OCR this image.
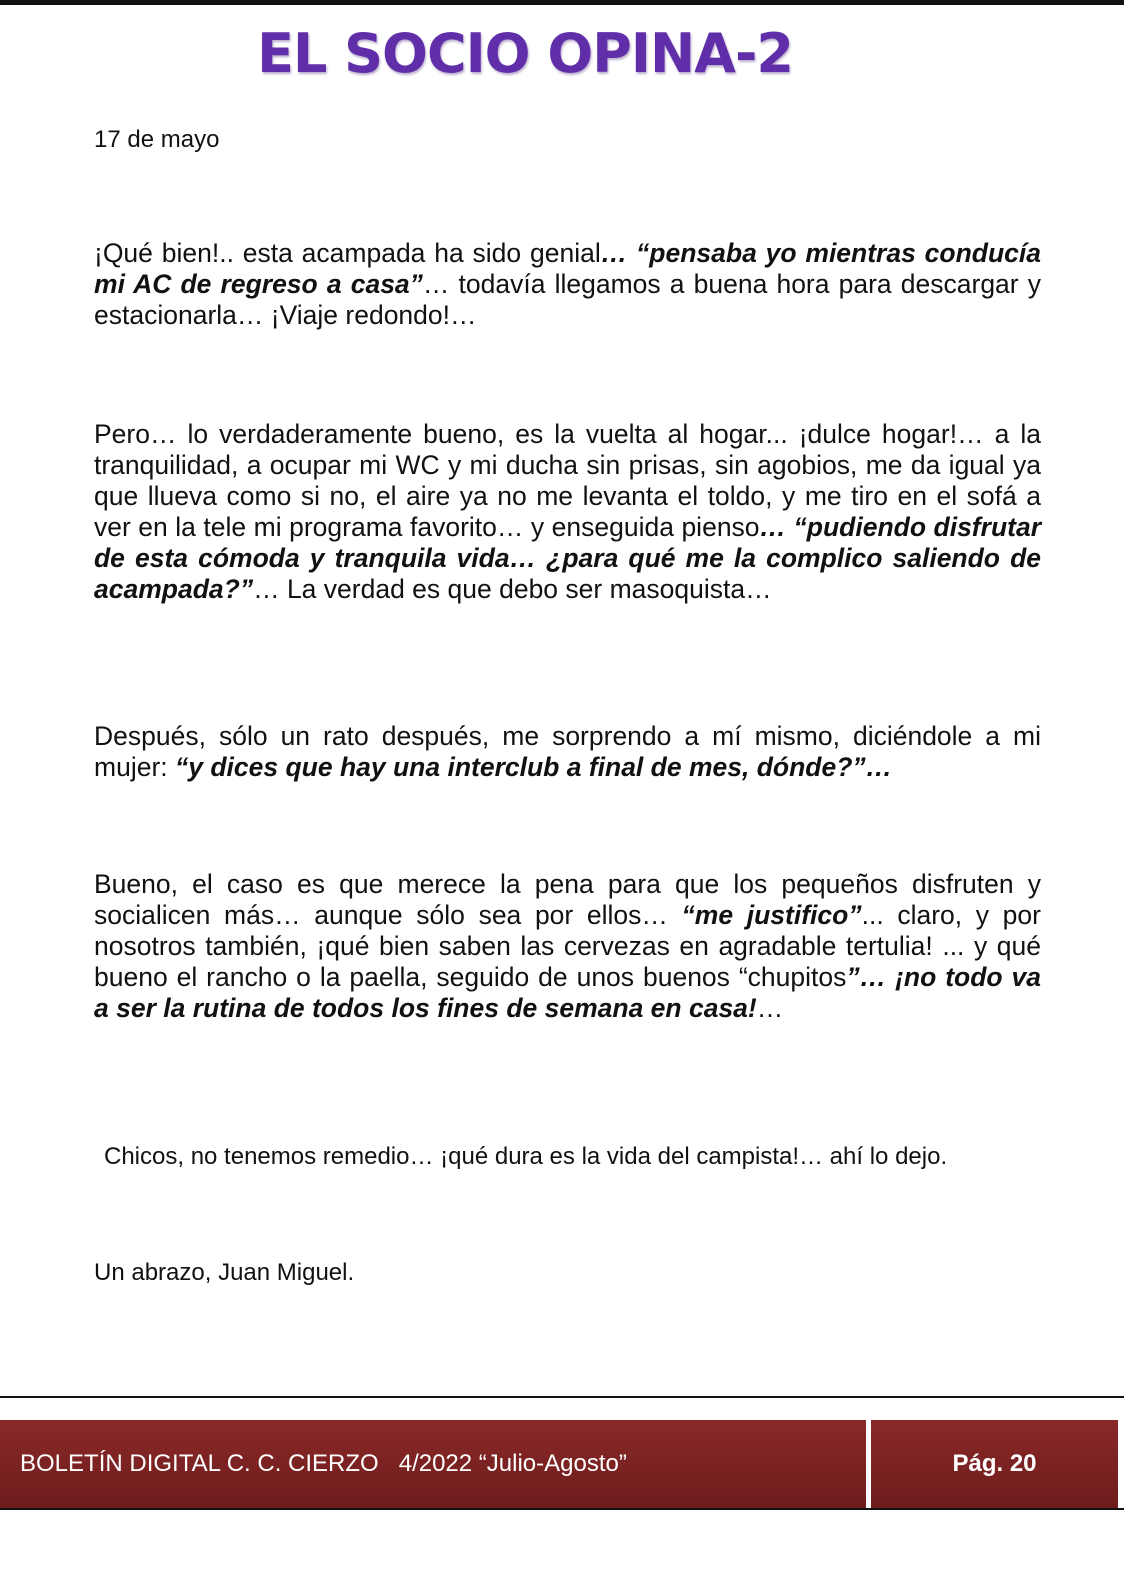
EL SOCIO OPINA-2

17 de mayo

¡Qué bien!.. esta acampada ha sido genial… “pensaba yo mientras conducía mi AC de regreso a casa”… todavía llegamos a buena hora para descargar y estacionarla… ¡Viaje redondo!…

Pero… lo verdaderamente bueno, es la vuelta al hogar... ¡dulce hogar!… a la tranquilidad, a ocupar mi WC y mi ducha sin prisas, sin agobios, me da igual ya que llueva como si no, el aire ya no me levanta el toldo, y me tiro en el sofá a ver en la tele mi programa favorito… y enseguida pienso… “pudiendo disfrutar de esta cómoda y tranquila vida… ¿para qué me la complico saliendo de acampada?”… La verdad es que debo ser masoquista…

Después, sólo un rato después, me sorprendo a mí mismo, diciéndole a mi mujer: “y dices que hay una interclub a final de mes, dónde?”…

Bueno, el caso es que merece la pena para que los pequeños disfruten y socialicen más… aunque sólo sea por ellos… “me justifico”... claro, y por nosotros también, ¡qué bien saben las cervezas en agradable tertulia! ... y qué bueno el rancho o la paella, seguido de unos buenos “chupitos”… ¡no todo va a ser la rutina de todos los fines de semana en casa!…

Chicos, no tenemos remedio… ¡qué dura es la vida del campista!… ahí lo dejo.

Un abrazo, Juan Miguel.

BOLETÍN DIGITAL C. C. CIERZO   4/2022 “Julio-Agosto”	Pág. 20
